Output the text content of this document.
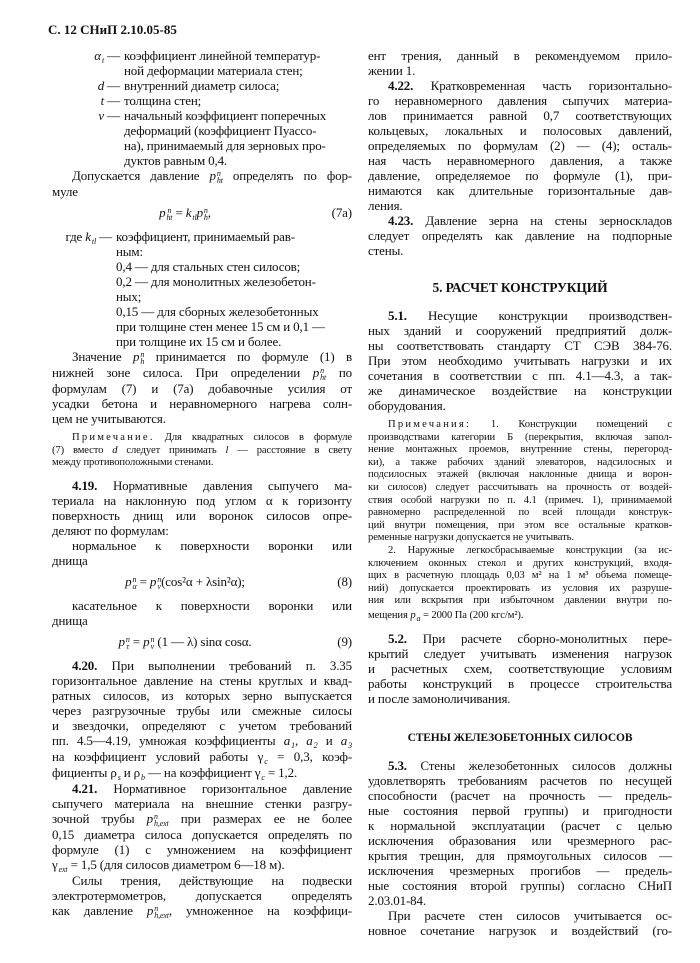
С. 12 СНиП 2.10.05-85
α
t — коэффициент линейной температур-
ной деформации материала стен;
d — внутренний диаметр силоса;
t — толщина стен;
ν — начальный коэффициент поперечных
деформаций (коэффициент Пуассо-
на), принимаемый для зерновых про-
дуктов равным 0,4.
Допускается давление p n
ht определять по фор-
муле
p n
ht = k
tl p n
h ,	(7а)
где k
tl — коэффициент, принимаемый рав-
ным:
0,4 — для стальных стен силосов;
0,2 — для монолитных железобетон-
ных;
0,15 — для сборных железобетонных
при толщине стен менее 15 см и 0,1 —
при толщине их 15 см и более.
Значение p n
h принимается по формуле (1) в
нижней зоне силоса. При определении p n
ht по
формулам (7) и (7а) добавочные усилия от
усадки бетона и неравномерного нагрева солн-
цем не учитываются.
Примечание. Для квадратных силосов в формуле
(7) вместо d следует принимать l — расстояние в свету
между противоположными стенами.
4.19. Нормативные давления сыпучего ма-
териала на наклонную под углом α к горизонту
поверхность днищ или воронок силосов опре-
деляют по формулам:
нормальное к поверхности воронки или
днища
p n
α = p n
v (cos²α + λsin²α);	(8)
касательное к поверхности воронки или
днища
p n
τ = p n
v (1 — λ) sinα cosα.	(9)
4.20. При выполнении требований п. 3.35
горизонтальное давление на стены круглых и квад-
ратных силосов, из которых зерно выпускается
через разгрузочные трубы или смежные силосы
и звездочки, определяют с учетом требований
пп. 4.5—4.19, умножая коэффициенты a
1 , a
2 и a
3
на коэффициент условий работы γ
c = 0,3, коэф-
фициенты ρ
s и ρ
b — на коэффициент γ
c = 1,2.
4.21. Нормативное горизонтальное давление
сыпучего материала на внешние стенки разгру-
зочной трубы p n
h,ext при размерах ее не более
0,15 диаметра силоса допускается определять по
формуле (1) с умножением на коэффициент
γ
ext = 1,5 (для силосов диаметром 6—18 м).
Силы трения, действующие на подвески
электротермометров, допускается определять
как давление p n
h,ext , умноженное на коэффици-
ент трения, данный в рекомендуемом прило-
жении 1.
4.22. Кратковременная часть горизонтально-
го неравномерного давления сыпучих материа-
лов принимается равной 0,7 соответствующих
кольцевых, локальных и полосовых давлений,
определяемых по формулам (2) — (4); осталь-
ная часть неравномерного давления, а также
давление, определяемое по формуле (1), при-
нимаются как длительные горизонтальные дав-
ления.
4.23. Давление зерна на стены зерноскладов
следует определять как давление на подпорные
стены.
5. РАСЧЕТ КОНСТРУКЦИЙ
5.1. Несущие конструкции производствен-
ных зданий и сооружений предприятий долж-
ны соответствовать стандарту СТ СЭВ 384-76.
При этом необходимо учитывать нагрузки и их
сочетания в соответствии с пп. 4.1—4.3, а так-
же динамическое воздействие на конструкции
оборудования.
Примечания: 1. Конструкции помещений с
производствами категории Б (перекрытия, включая запол-
нение монтажных проемов, внутренние стены, перегород-
ки), а также рабочих зданий элеваторов, надсилосных и
подсилосных этажей (включая наклонные днища и ворон-
ки силосов) следует рассчитывать на прочность от воздей-
ствия особой нагрузки по п. 4.1 (примеч. 1), принимаемой
равномерно распределенной по всей площади конструк-
ций внутри помещения, при этом все остальные кратков-
ременные нагрузки допускается не учитывать.
2. Наружные легкосбрасываемые конструкции (за ис-
ключением оконных стекол и других конструкций, входя-
щих в расчетную площадь 0,03 м² на 1 м³ объема помеще-
ний) допускается проектировать из условия их разруше-
ния или вскрытия при избыточном давлении внутри по-
мещения p
a = 2000 Па (200 кгс/м²).
5.2. При расчете сборно-монолитных пере-
крытий следует учитывать изменения нагрузок
и расчетных схем, соответствующие условиям
работы конструкций в процессе строительства
и после замоноличивания.
СТЕНЫ ЖЕЛЕЗОБЕТОННЫХ СИЛОСОВ
5.3. Стены железобетонных силосов должны
удовлетворять требованиям расчетов по несущей
способности (расчет на прочность — предель-
ные состояния первой группы) и пригодности
к нормальной эксплуатации (расчет с целью
исключения образования или чрезмерного рас-
крытия трещин, для прямоугольных силосов —
исключения чрезмерных прогибов — предель-
ные состояния второй группы) согласно СНиП
2.03.01-84.
При расчете стен силосов учитывается ос-
новное сочетание нагрузок и воздействий (го-
